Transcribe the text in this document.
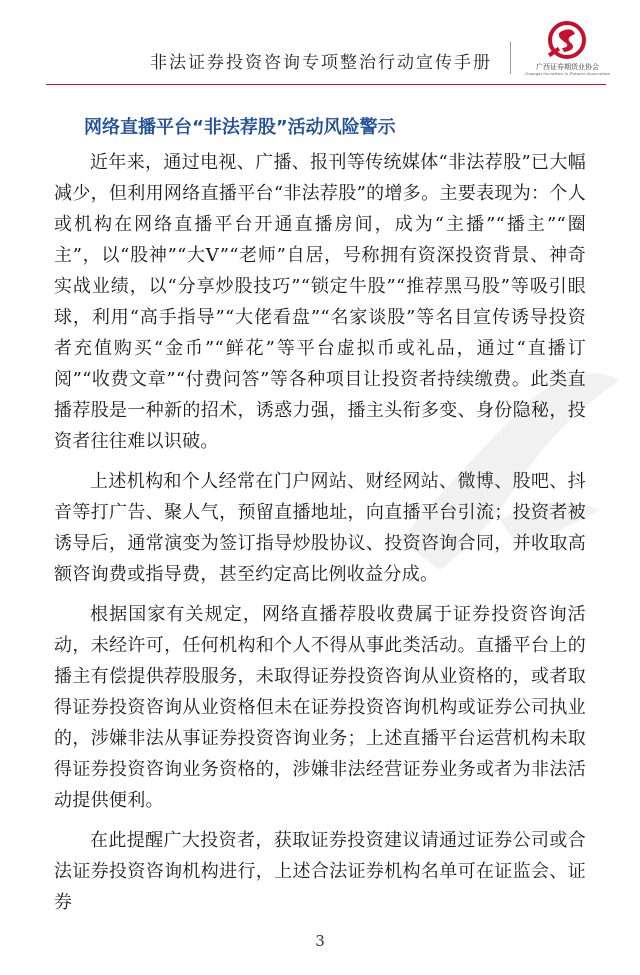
非法证券投资咨询专项整治行动宣传手册	广西证券期货业协会
Guangxi Securities & Futures Association
网络直播平台“非法荐股”活动风险警示

近年来，通过电视、广播、报刊等传统媒体“非法荐股”已大幅减少，但利用网络直播平台“非法荐股”的增多。主要表现为：个人或机构在网络直播平台开通直播房间，成为“主播”“播主”“圈主”，以“股神”“大V”“老师”自居，号称拥有资深投资背景、神奇实战业绩，以“分享炒股技巧”“锁定牛股”“推荐黑马股”等吸引眼球，利用“高手指导”“大佬看盘”“名家谈股”等名目宣传诱导投资者充值购买“金币”“鲜花”等平台虚拟币或礼品，通过“直播订阅”“收费文章”“付费问答”等各种项目让投资者持续缴费。此类直播荐股是一种新的招术，诱惑力强，播主头衔多变、身份隐秘，投资者往往难以识破。

上述机构和个人经常在门户网站、财经网站、微博、股吧、抖音等打广告、聚人气，预留直播地址，向直播平台引流；投资者被诱导后，通常演变为签订指导炒股协议、投资咨询合同，并收取高额咨询费或指导费，甚至约定高比例收益分成。

根据国家有关规定，网络直播荐股收费属于证券投资咨询活动，未经许可，任何机构和个人不得从事此类活动。直播平台上的播主有偿提供荐股服务，未取得证券投资咨询从业资格的，或者取得证券投资咨询从业资格但未在证券投资咨询机构或证券公司执业的，涉嫌非法从事证券投资咨询业务；上述直播平台运营机构未取得证券投资咨询业务资格的，涉嫌非法经营证券业务或者为非法活动提供便利。

在此提醒广大投资者，获取证券投资建议请通过证券公司或合法证券投资咨询机构进行，上述合法证券机构名单可在证监会、证券

3
